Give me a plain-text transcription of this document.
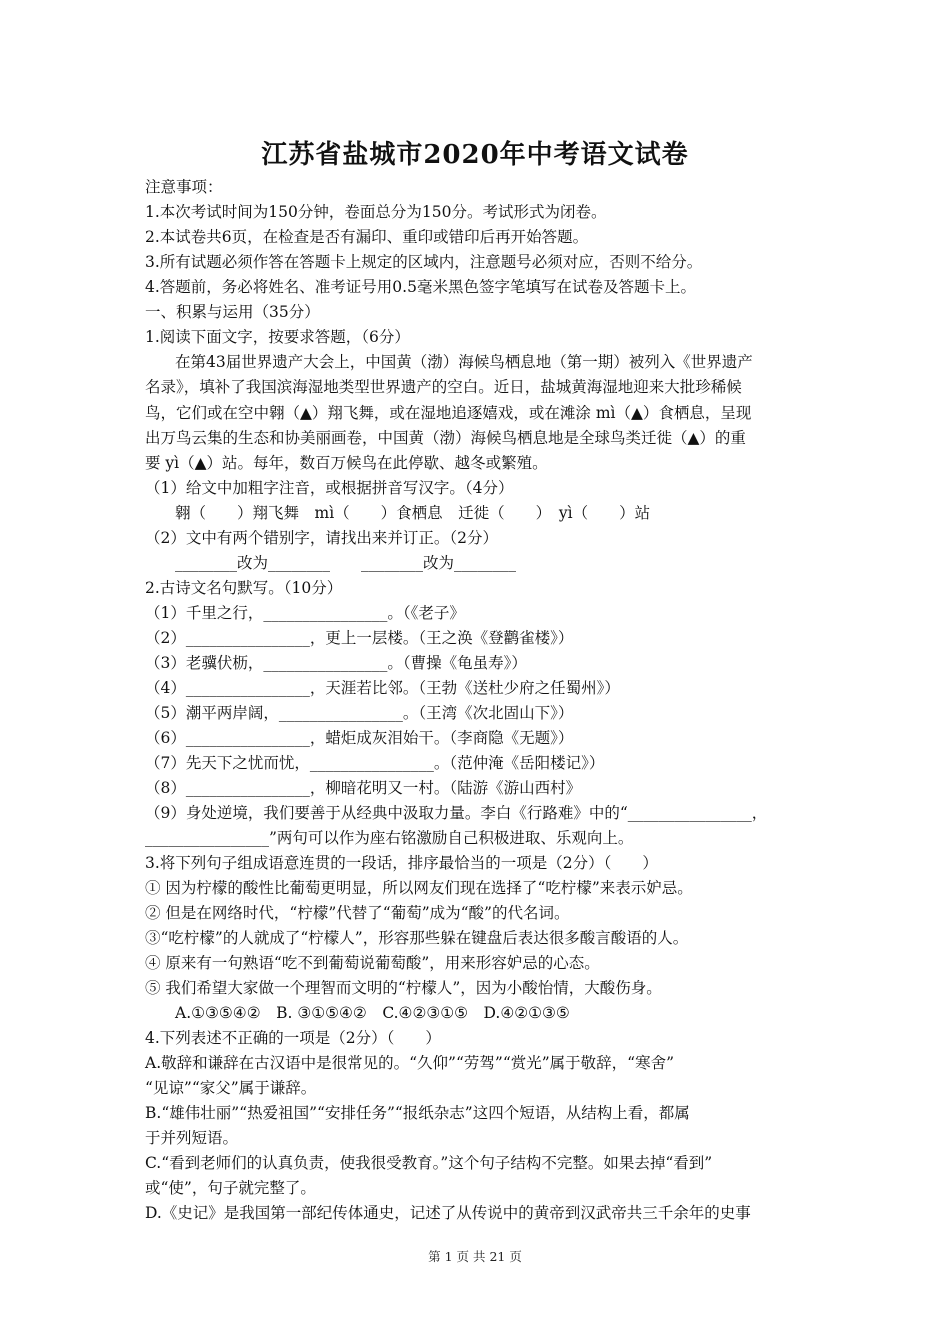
江苏省盐城市2020年中考语文试卷
注意事项：
1.本次考试时间为150分钟，卷面总分为150分。考试形式为闭卷。
2.本试卷共6页，在检查是否有漏印、重印或错印后再开始答题。
3.所有试题必须作答在答题卡上规定的区域内，注意题号必须对应，否则不给分。
4.答题前，务必将姓名、准考证号用0.5毫米黑色签字笔填写在试卷及答题卡上。
一、积累与运用（35分）
1.阅读下面文字，按要求答题，（6分）
在第43届世界遗产大会上，中国黄（渤）海候鸟栖息地（第一期）被列入《世界遗产
名录》，填补了我国滨海湿地类型世界遗产的空白。近日，盐城黄海湿地迎来大批珍稀候
鸟，它们或在空中翱（▲）翔飞舞，或在湿地追逐嬉戏，或在滩涂 mì（▲）食栖息，呈现
出万鸟云集的生态和协美丽画卷，中国黄（渤）海候鸟栖息地是全球鸟类迁徙（▲）的重
要 yì（▲）站。每年，数百万候鸟在此停歇、越冬或繁殖。
（1）给文中加粗字注音，或根据拼音写汉字。（4分）
翱（　　）翔飞舞　mì（　　）食栖息　迁徙（　　）　yì（　　）站
（2）文中有两个错别字，请找出来并订正。（2分）
________改为________　　________改为________
2.古诗文名句默写。（10分）
（1）千里之行，________________。（《老子》
（2）________________，更上一层楼。（王之涣《登鹳雀楼》）
（3）老骥伏枥，________________。（曹操《龟虽寿》）
（4）________________，天涯若比邻。（王勃《送杜少府之任蜀州》）
（5）潮平两岸阔，________________。（王湾《次北固山下》）
（6）________________，蜡炬成灰泪始干。（李商隐《无题》）
（7）先天下之忧而忧，________________。（范仲淹《岳阳楼记》）
（8）________________，柳暗花明又一村。（陆游《游山西村》
（9）身处逆境，我们要善于从经典中汲取力量。李白《行路难》中的“________________，
________________”两句可以作为座右铭激励自己积极进取、乐观向上。
3.将下列句子组成语意连贯的一段话，排序最恰当的一项是（2分）（　　）
① 因为柠檬的酸性比葡萄更明显，所以网友们现在选择了“吃柠檬”来表示妒忌。
② 但是在网络时代，“柠檬”代替了“葡萄”成为“酸”的代名词。
③“吃柠檬”的人就成了“柠檬人”，形容那些躲在键盘后表达很多酸言酸语的人。
④ 原来有一句熟语“吃不到葡萄说葡萄酸”，用来形容妒忌的心态。
⑤ 我们希望大家做一个理智而文明的“柠檬人”，因为小酸怡情，大酸伤身。
A.①③⑤④②　B. ③①⑤④②　C.④②③①⑤　D.④②①③⑤
4.下列表述不正确的一项是（2分）（　　）
A.敬辞和谦辞在古汉语中是很常见的。“久仰”“劳驾”“赏光”属于敬辞，“寒舍”
“见谅”“家父”属于谦辞。
B.“雄伟壮丽”“热爱祖国”“安排任务”“报纸杂志”这四个短语，从结构上看，都属
于并列短语。
C.“看到老师们的认真负责，使我很受教育。”这个句子结构不完整。如果去掉“看到”
或“使”，句子就完整了。
D.《史记》是我国第一部纪传体通史，记述了从传说中的黄帝到汉武帝共三千余年的史事
第 1 页 共 21 页
